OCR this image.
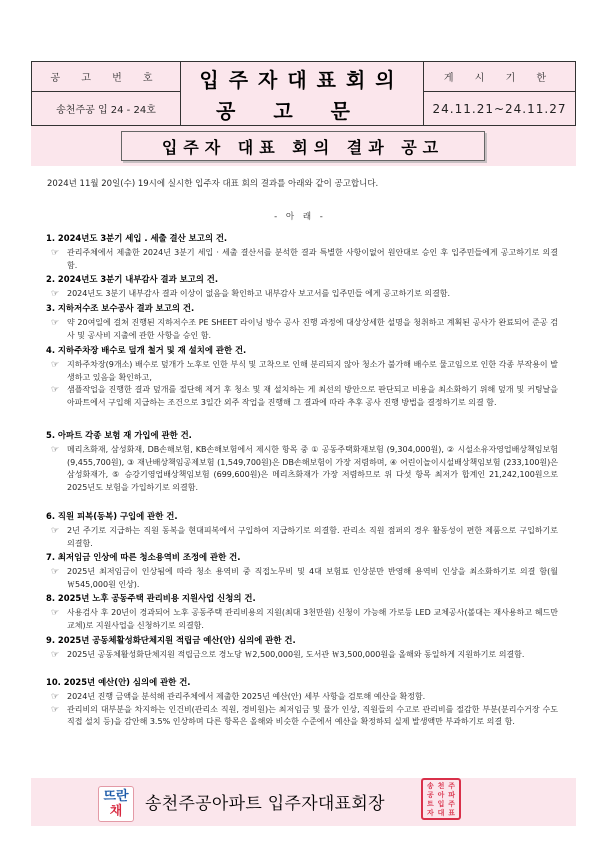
공 고 번 호
송천주공 입 24 - 24호
입주자대표회의
공고문
게 시 기 한
24.11.21~24.11.27
입주자 대표 회의 결과 공고
2024년 11월 20일(수) 19시에 실시한 입주자 대표 회의 결과를 아래와 같이 공고합니다.
- 아 래 -
1. 2024년도 3분기 세입 . 세출 결산 보고의 건.
☞ 관리주체에서 제출한 2024년 3분기 세입 · 세출 결산서를 분석한 결과 특별한 사항이없어 원안대로 승인 후 입주민들에게 공고하기로 의결함.
2. 2024년도 3분기 내부감사 결과 보고의 건.
☞ 2024년도 3분기 내부감사 결과 이상이 없음을 확인하고 내부감사 보고서를 입주민들 에게 공고하기로 의결함.
3. 지하저수조 보수공사 결과 보고의 건.
☞ 약 20여일에 걸쳐 진행된 지하저수조 PE SHEET 라이닝 방수 공사 진행 과정에 대상상세한 설명을 청취하고 계획된 공사가 완료되어 준공 검사 및 공사비 지출에 관한 사항을 승인 함.
4. 지하주차장 배수로 덮개 철거 및 재 설치에 관한 건.
☞ 지하주차장(9개소) 배수로 덮개가 노후로 인한 부식 및 고착으로 인해 분리되지 않아 청소가 불가해 배수로 물고임으로 인한 각종 부작용이 발생하고 있음을 확인하고,
☞ 샘플작업을 진행한 결과 덮개를 절단해 제거 후 청소 및 재 설치하는 게 최선의 방안으로 판단되고 비용을 최소화하기 위해 덮개 및 커팅날을 아파트에서 구입해 지급하는 조건으로 3일간 외주 작업을 진행해 그 결과에 따라 추후 공사 진행 방법을 결정하기로 의결 함.
5. 아파트 각종 보험 재 가입에 관한 건.
☞ 메리츠화재, 삼성화재, DB손해보험, KB손해보험에서 제시한 항목 중 ① 공동주택화재보험 (9,304,000원), ② 시설소유자영업배상책임보험 (9,455,700원), ③ 재난배상책임공제보험 (1,549,700원)은 DB손해보험이 가장 저렴하며, ④ 어린이놀이시설배상책임보험 (233,100원)은 삼성화재가, ⑤ 승강기영업배상책임보험 (699,600원)은 메리츠화재가 가장 저렴하므로 위 다섯 항목 최저가 합계인 21,242,100원으로 2025년도 보험을 가입하기로 의결함.
6. 직원 피복(동복) 구입에 관한 건.
☞ 2년 주기로 지급하는 직원 동복을 현대피복에서 구입하여 지급하기로 의결함. 관리소 직원 점퍼의 경우 활동성이 편한 제품으로 구입하기로 의결함.
7. 최저임금 인상에 따른 청소용역비 조정에 관한 건.
☞ 2025년 최저임금이 인상됨에 따라 청소 용역비 중 직접노무비 및 4대 보험료 인상분만 반영해 용역비 인상을 최소화하기로 의결 함(월 ￦545,000원 인상).
8. 2025년 노후 공동주택 관리비용 지원사업 신청의 건.
☞ 사용검사 후 20년이 경과되어 노후 공동주택 관리비용의 지원(최대 3천만원) 신청이 가능해 가로등 LED 교체공사(볼대는 재사용하고 헤드만 교체)로 지원사업을 신청하기로 의결함.
9. 2025년 공동체활성화단체지원 적립금 예산(안) 심의에 관한 건.
☞ 2025년 공동체활성화단체지원 적립금으로 경노당 ￦2,500,000원, 도서관 ￦3,500,000원을 올해와 동일하게 지원하기로 의결함.
10. 2025년 예산(안) 심의에 관한 건.
☞ 2024년 진행 금액을 분석해 관리주체에서 제출한 2025년 예산(안) 세부 사항을 검토해 예산을 확정함.
☞ 관리비의 대부분을 차지하는 인건비(관리소 직원, 경비원)는 최저임금 및 물가 인상, 직원들의 수고로 관리비를 절감한 부분(분리수거장 수도 직접 설치 등)을 감안해 3.5% 인상하며 다른 항목은 올해와 비슷한 수준에서 예산을 확정하되 실제 발생액만 부과하기로 의결 함.
뜨란
채 송천주공아파트 입주자대표회장
송 천 주
공 아 파
트 입 주
자 대 표
